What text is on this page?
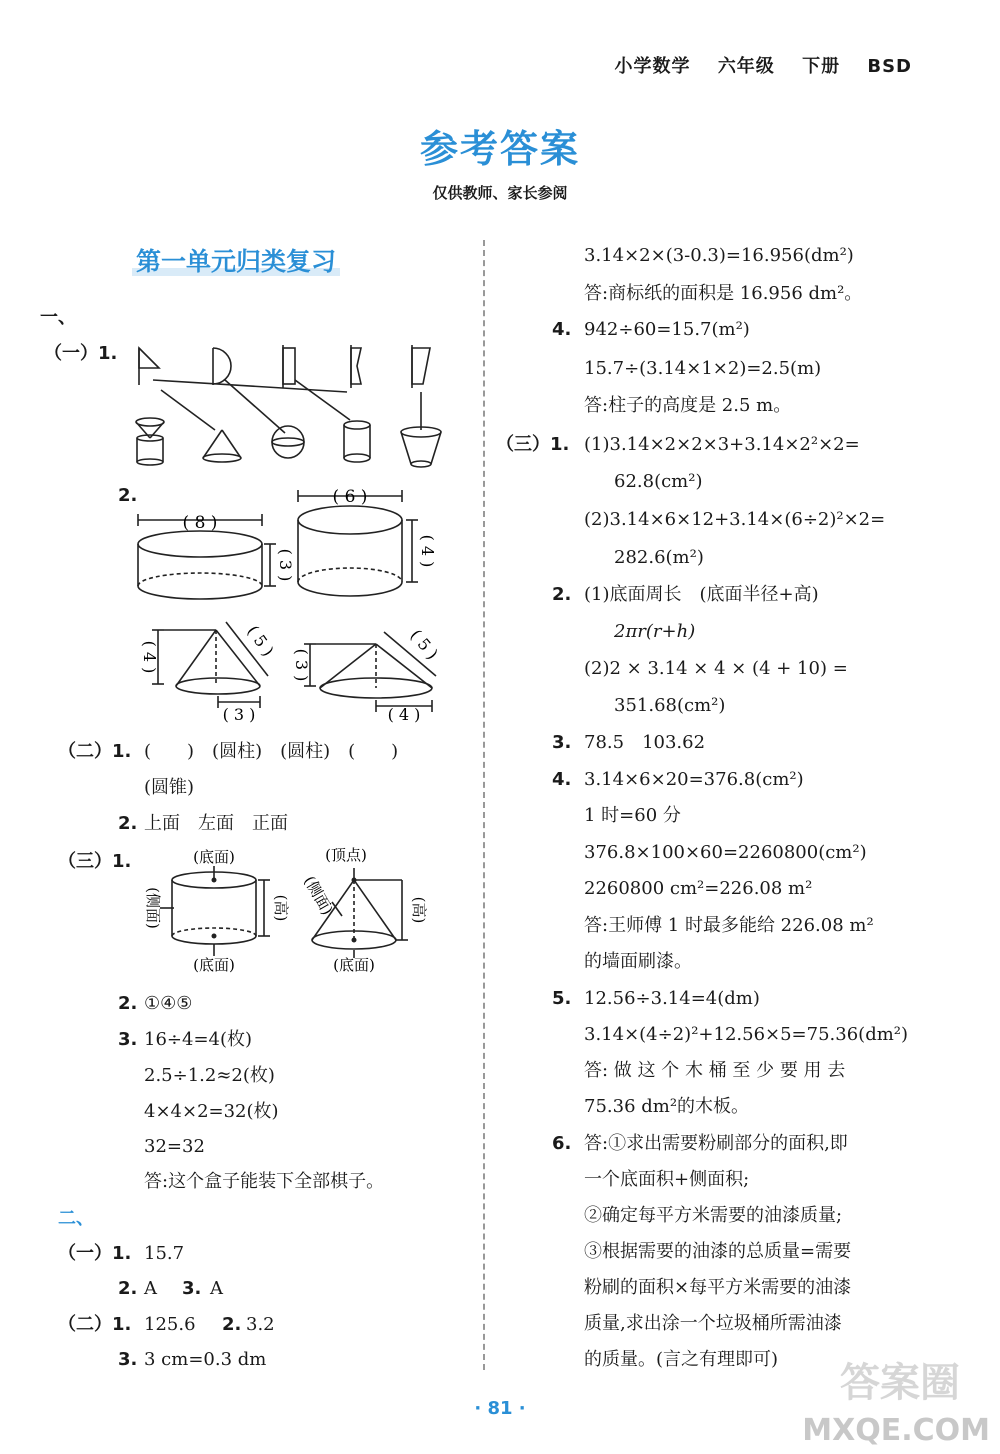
小学数学 六年级 下册 BSD
参考答案
仅供教师、家长参阅
第一单元归类复习
一、
（一）1.
2.
( 8 )
( 3 )
( 6 )
( 4 )
( 4 )	( 5 )
( 3 )
( 3 )
( 5 )
( 4 )
（二）1. (　　)　(圆柱)　(圆柱)　(　　)
(圆锥)
2. 上面　左面　正面
（三）1.	(底面)
(侧面)	(高)
(底面)
(顶点)
(侧面)	(高)
(底面)
2. ①④⑤
3. 16÷4=4(枚)
2.5÷1.2≈2(枚)
4×4×2=32(枚)
32=32
答:这个盒子能装下全部棋子。
二、
（一）1. 15.7
2. A 3. A
（二）1. 125.6 2. 3.2
3. 3 cm=0.3 dm
3.14×2×(3-0.3)=16.956(dm²)
答:商标纸的面积是 16.956 dm²。
4. 942÷60=15.7(m²)
15.7÷(3.14×1×2)=2.5(m)
答:柱子的高度是 2.5 m。
（三）1. (1)3.14×2×2×3+3.14×2²×2=
62.8(cm²)
(2)3.14×6×12+3.14×(6÷2)²×2=
282.6(m²)
2. (1)底面周长　(底面半径+高)
2πr(r+h)
(2)2 × 3.14 × 4 × (4 + 10) =
351.68(cm²)
3. 78.5　103.62
4. 3.14×6×20=376.8(cm²)
1 时=60 分
376.8×100×60=2260800(cm²)
2260800 cm²=226.08 m²
答:王师傅 1 时最多能给 226.08 m²
的墙面刷漆。
5. 12.56÷3.14=4(dm)
3.14×(4÷2)²+12.56×5=75.36(dm²)
答: 做 这 个 木 桶 至 少 要 用 去
75.36 dm²的木板。
6. 答:①求出需要粉刷部分的面积,即
一个底面积+侧面积;
②确定每平方米需要的油漆质量;
③根据需要的油漆的总质量=需要
粉刷的面积×每平方米需要的油漆
质量,求出涂一个垃圾桶所需油漆
的质量。(言之有理即可)
· 81 ·
答案圈
MXQE.COM
